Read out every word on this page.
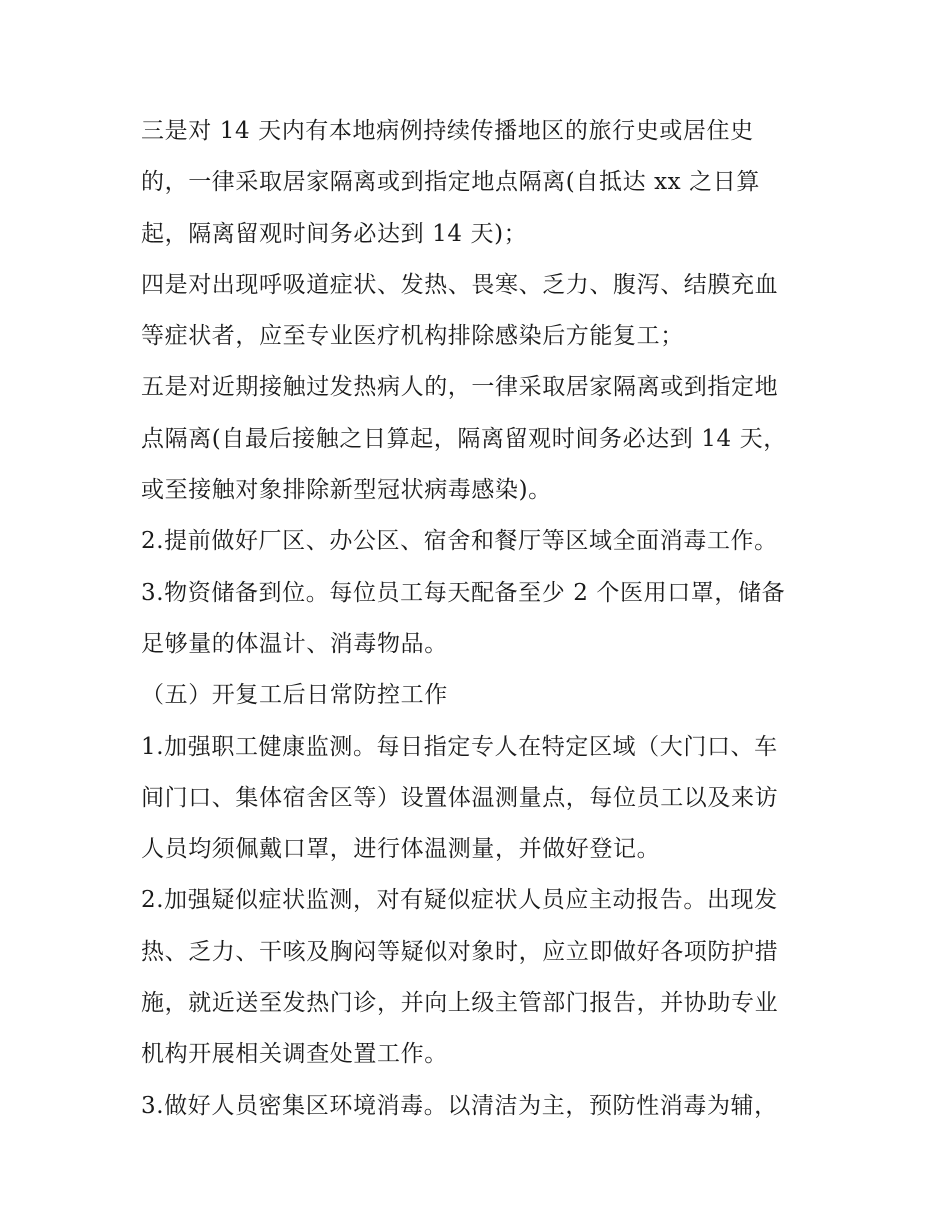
三是对 14 天内有本地病例持续传播地区的旅行史或居住史
的，一律采取居家隔离或到指定地点隔离(自抵达 xx 之日算
起，隔离留观时间务必达到 14 天)；
四是对出现呼吸道症状、发热、畏寒、乏力、腹泻、结膜充血
等症状者，应至专业医疗机构排除感染后方能复工；
五是对近期接触过发热病人的，一律采取居家隔离或到指定地
点隔离(自最后接触之日算起，隔离留观时间务必达到 14 天，
或至接触对象排除新型冠状病毒感染)。
2.提前做好厂区、办公区、宿舍和餐厅等区域全面消毒工作。
3.物资储备到位。每位员工每天配备至少 2 个医用口罩，储备
足够量的体温计、消毒物品。
（五）开复工后日常防控工作
1.加强职工健康监测。每日指定专人在特定区域（大门口、车
间门口、集体宿舍区等）设置体温测量点，每位员工以及来访
人员均须佩戴口罩，进行体温测量，并做好登记。
2.加强疑似症状监测，对有疑似症状人员应主动报告。出现发
热、乏力、干咳及胸闷等疑似对象时，应立即做好各项防护措
施，就近送至发热门诊，并向上级主管部门报告，并协助专业
机构开展相关调查处置工作。
3.做好人员密集区环境消毒。以清洁为主，预防性消毒为辅，
